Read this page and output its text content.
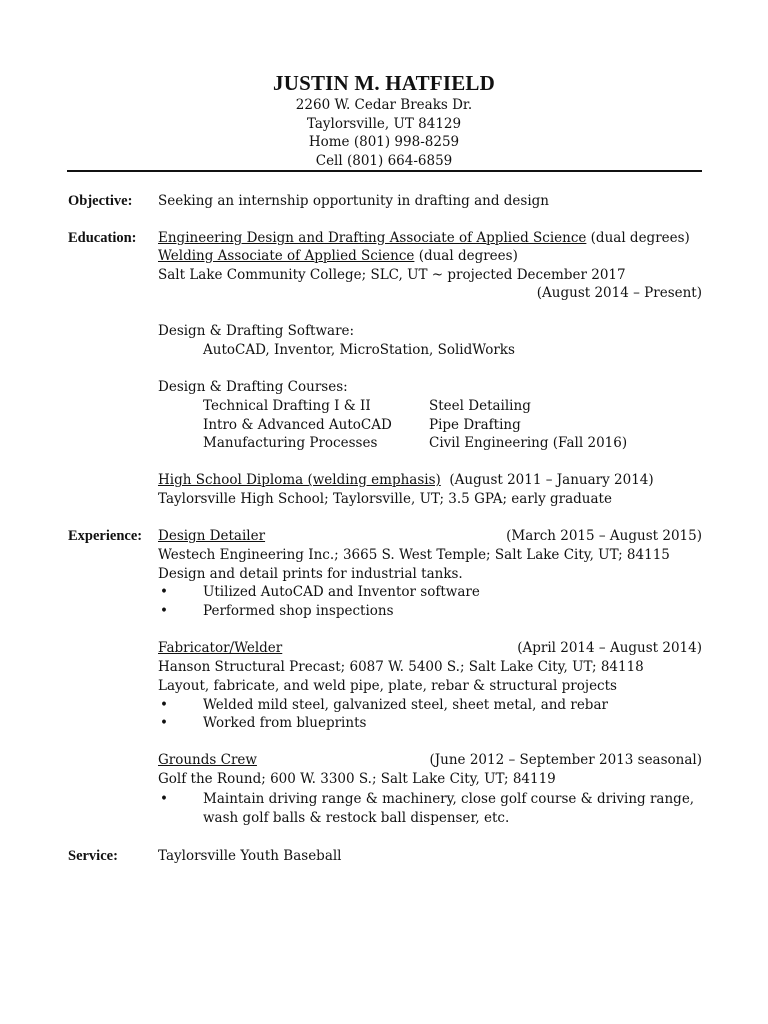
JUSTIN M. HATFIELD
2260 W. Cedar Breaks Dr.
Taylorsville, UT 84129
Home (801) 998-8259
Cell (801) 664-6859
Objective: Seeking an internship opportunity in drafting and design
Education: Engineering Design and Drafting Associate of Applied Science (dual degrees)
Welding Associate of Applied Science (dual degrees)
Salt Lake Community College; SLC, UT ~ projected December 2017
(August 2014 – Present)
Design & Drafting Software:
AutoCAD, Inventor, MicroStation, SolidWorks
Design & Drafting Courses:
Technical Drafting I & II	Steel Detailing
Intro & Advanced AutoCAD	Pipe Drafting
Manufacturing Processes	Civil Engineering (Fall 2016)
High School Diploma (welding emphasis) (August 2011 – January 2014)
Taylorsville High School; Taylorsville, UT; 3.5 GPA; early graduate
Experience: Design Detailer	(March 2015 – August 2015)
Westech Engineering Inc.; 3665 S. West Temple; Salt Lake City, UT; 84115
Design and detail prints for industrial tanks.
•	Utilized AutoCAD and Inventor software
•	Performed shop inspections
Fabricator/Welder	(April 2014 – August 2014)
Hanson Structural Precast; 6087 W. 5400 S.; Salt Lake City, UT; 84118
Layout, fabricate, and weld pipe, plate, rebar & structural projects
•	Welded mild steel, galvanized steel, sheet metal, and rebar
•	Worked from blueprints
Grounds Crew	(June 2012 – September 2013 seasonal)
Golf the Round; 600 W. 3300 S.; Salt Lake City, UT; 84119
•	Maintain driving range & machinery, close golf course & driving range,
wash golf balls & restock ball dispenser, etc.
Service:	Taylorsville Youth Baseball
